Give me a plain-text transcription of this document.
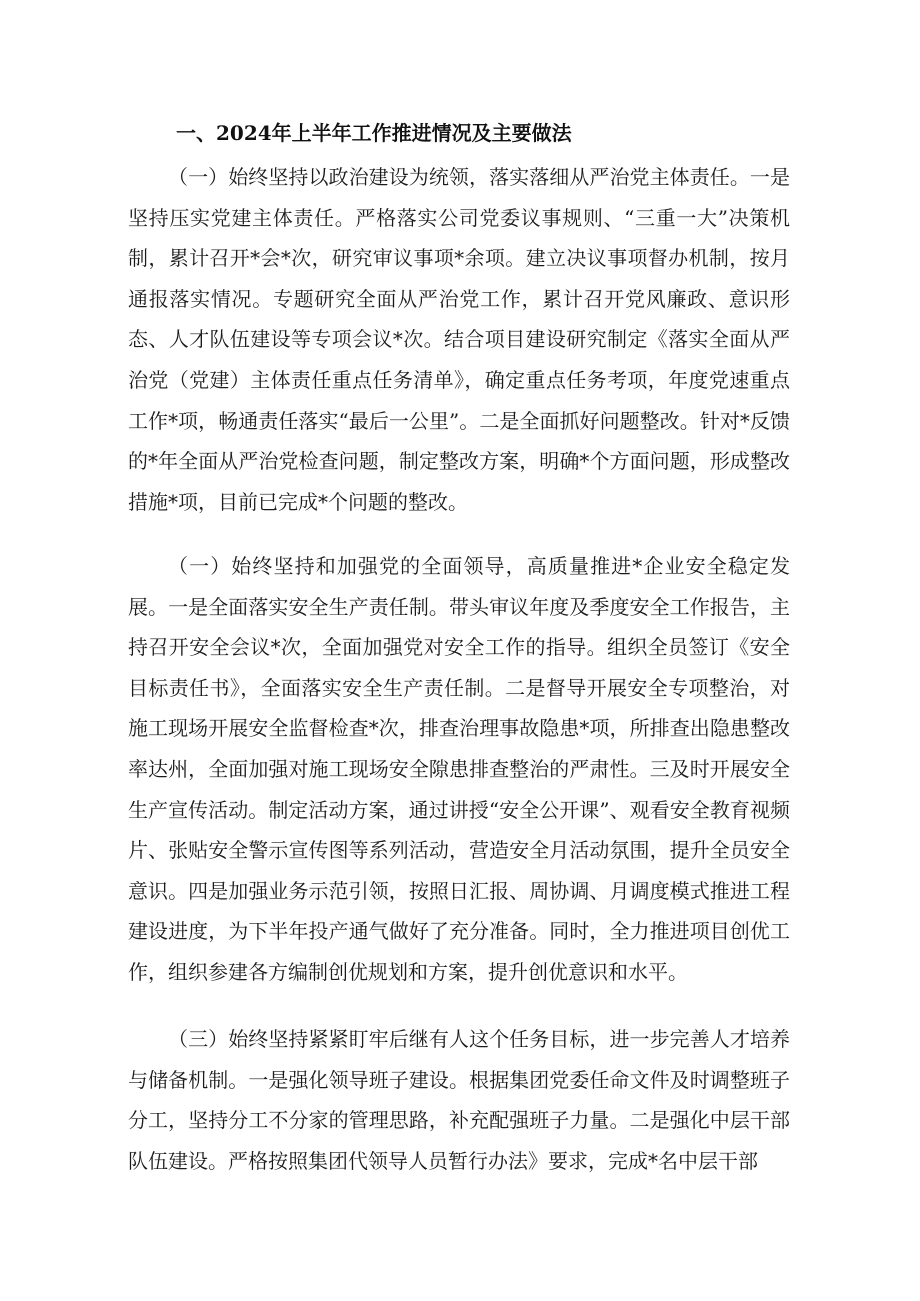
一、2024年上半年工作推进情况及主要做法

（一）始终坚持以政治建设为统领，落实落细从严治党主体责任。一是坚持压实党建主体责任。严格落实公司党委议事规则、“三重一大”决策机制，累计召开*会*次，研究审议事项*余项。建立决议事项督办机制，按月通报落实情况。专题研究全面从严治党工作，累计召开党风廉政、意识形态、人才队伍建设等专项会议*次。结合项目建设研究制定《落实全面从严治党（党建）主体责任重点任务清单》，确定重点任务考项，年度党速重点工作*项，畅通责任落实“最后一公里”。二是全面抓好问题整改。针对*反馈的*年全面从严治党检查问题，制定整改方案，明确*个方面问题，形成整改措施*项，目前已完成*个问题的整改。

（一）始终坚持和加强党的全面领导，高质量推进*企业安全稳定发展。一是全面落实安全生产责任制。带头审议年度及季度安全工作报告，主持召开安全会议*次，全面加强党对安全工作的指导。组织全员签订《安全目标责任书》，全面落实安全生产责任制。二是督导开展安全专项整治，对施工现场开展安全监督检查*次，排查治理事故隐患*项，所排查出隐患整改率达州，全面加强对施工现场安全隙患排查整治的严肃性。三及时开展安全生产宣传活动。制定活动方案，通过讲授“安全公开课”、观看安全教育视频片、张贴安全警示宣传图等系列活动，营造安全月活动氛围，提升全员安全意识。四是加强业务示范引领，按照日汇报、周协调、月调度模式推进工程建设进度，为下半年投产通气做好了充分准备。同时，全力推进项目创优工作，组织参建各方编制创优规划和方案，提升创优意识和水平。

（三）始终坚持紧紧盯牢后继有人这个任务目标，进一步完善人才培养与储备机制。一是强化领导班子建设。根据集团党委任命文件及时调整班子分工，坚持分工不分家的管理思路，补充配强班子力量。二是强化中层干部队伍建设。严格按照集团代领导人员暂行办法》要求，完成*名中层干部
